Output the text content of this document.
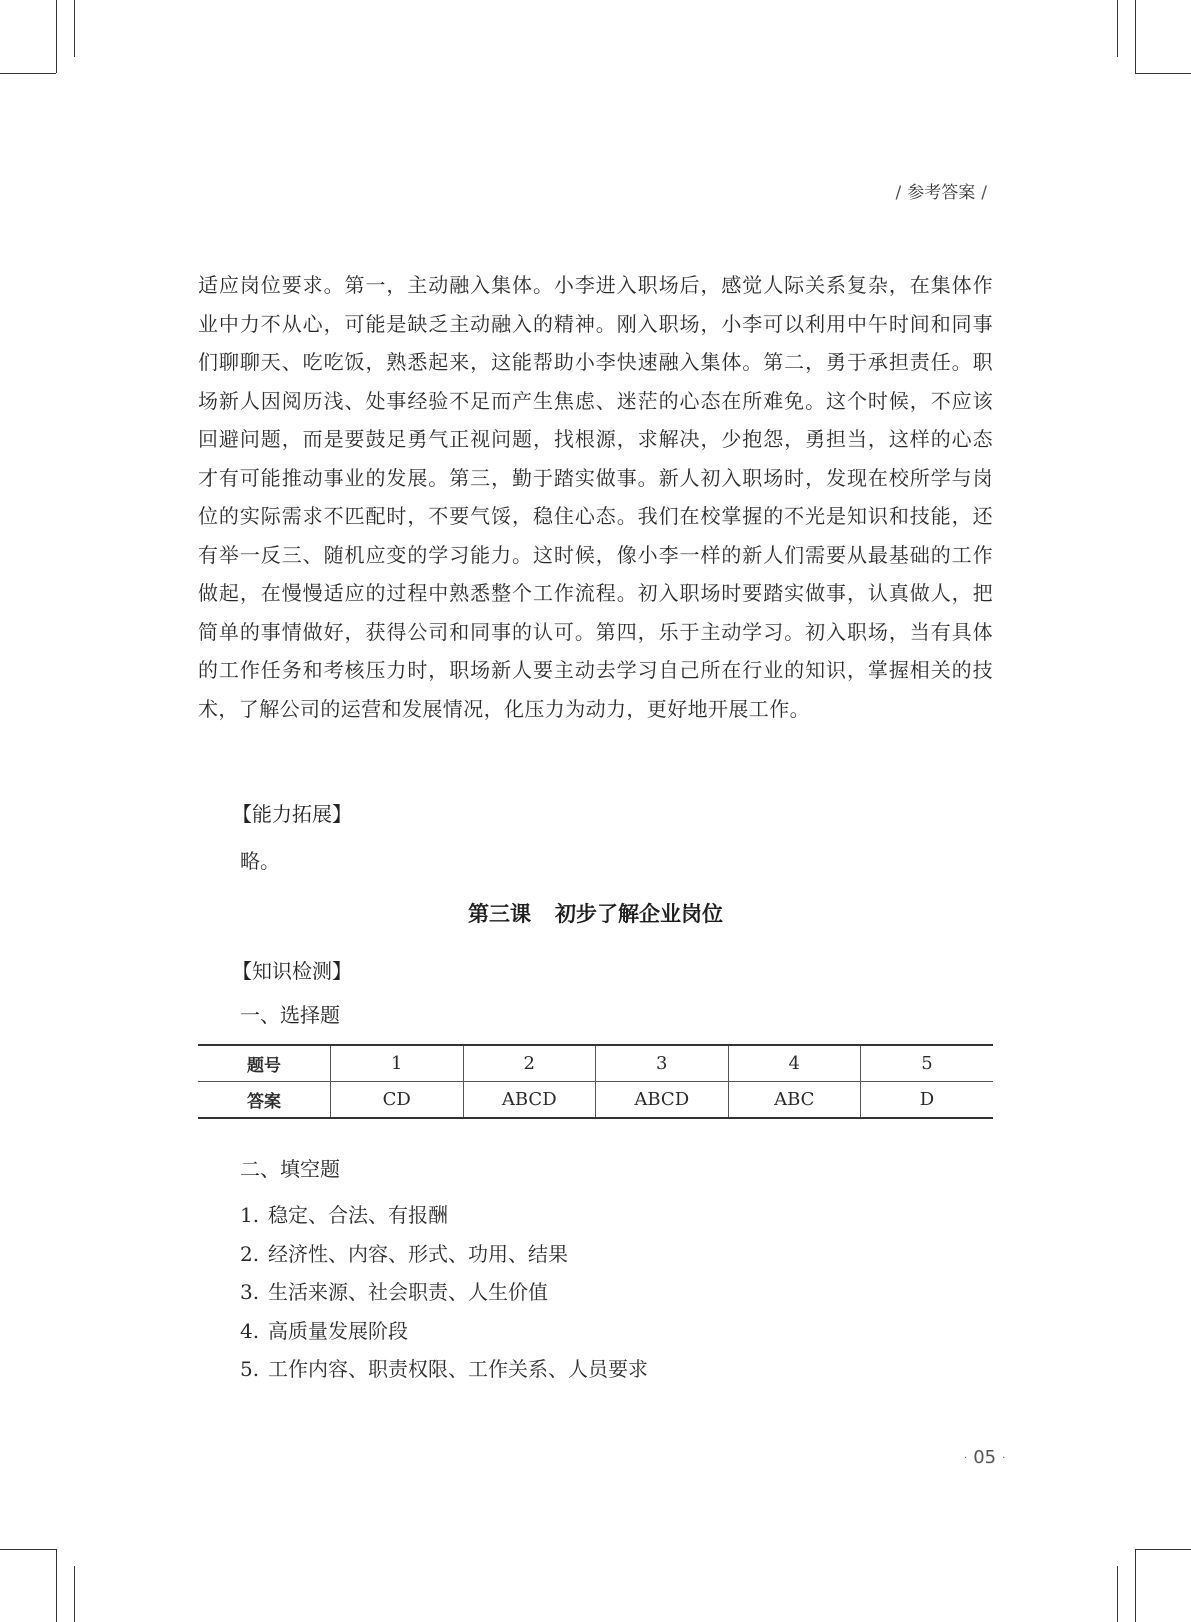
/ 参考答案 /

适应岗位要求。第一，主动融入集体。小李进入职场后，感觉人际关系复杂，在集体作业中力不从心，可能是缺乏主动融入的精神。刚入职场，小李可以利用中午时间和同事们聊聊天、吃吃饭，熟悉起来，这能帮助小李快速融入集体。第二，勇于承担责任。职场新人因阅历浅、处事经验不足而产生焦虑、迷茫的心态在所难免。这个时候，不应该回避问题，而是要鼓足勇气正视问题，找根源，求解决，少抱怨，勇担当，这样的心态才有可能推动事业的发展。第三，勤于踏实做事。新人初入职场时，发现在校所学与岗位的实际需求不匹配时，不要气馁，稳住心态。我们在校掌握的不光是知识和技能，还有举一反三、随机应变的学习能力。这时候，像小李一样的新人们需要从最基础的工作做起，在慢慢适应的过程中熟悉整个工作流程。初入职场时要踏实做事，认真做人，把简单的事情做好，获得公司和同事的认可。第四，乐于主动学习。初入职场，当有具体的工作任务和考核压力时，职场新人要主动去学习自己所在行业的知识，掌握相关的技术，了解公司的运营和发展情况，化压力为动力，更好地开展工作。

【能力拓展】
略。
第三课 初步了解企业岗位
【知识检测】
一、选择题
题号	1	2	3	4	5
答案	CD	ABCD	ABCD	ABC	D
二、填空题
1. 稳定、合法、有报酬
2. 经济性、内容、形式、功用、结果
3. 生活来源、社会职责、人生价值
4. 高质量发展阶段
5. 工作内容、职责权限、工作关系、人员要求
· 05 ·
